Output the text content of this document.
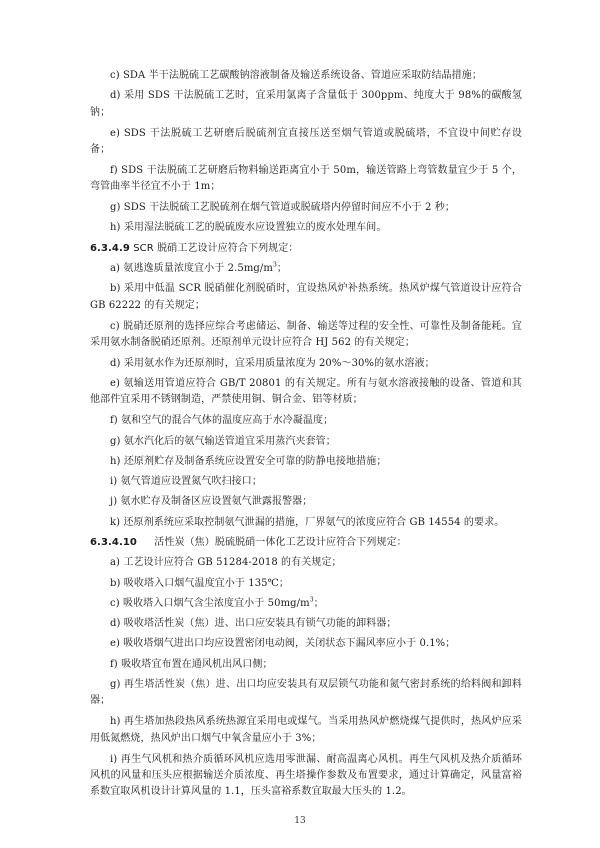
c) SDA 半干法脱硫工艺碳酸钠溶液制备及输送系统设备、管道应采取防结晶措施；

d) 采用 SDS 干法脱硫工艺时，宜采用氯离子含量低于 300ppm、纯度大于 98%的碳酸氢钠；

e) SDS 干法脱硫工艺研磨后脱硫剂宜直接压送至烟气管道或脱硫塔，不宜设中间贮存设备；

f) SDS 干法脱硫工艺研磨后物料输送距离宜小于 50m，输送管路上弯管数量宜少于 5 个，弯管曲率半径宜不小于 1m；

g) SDS 干法脱硫工艺脱硫剂在烟气管道或脱硫塔内停留时间应不小于 2 秒；

h) 采用湿法脱硫工艺的脱硫废水应设置独立的废水处理车间。

6.3.4.9 SCR 脱硝工艺设计应符合下列规定：

a) 氨逃逸质量浓度宜小于 $2.5mg/m^3$；

b) 采用中低温 SCR 脱硝催化剂脱硝时，宜设热风炉补热系统。热风炉煤气管道设计应符合 GB 62222 的有关规定；

c) 脱硝还原剂的选择应综合考虑储运、制备、输送等过程的安全性、可靠性及制备能耗。宜采用氨水制备脱硝还原剂。还原剂单元设计应符合 HJ 562 的有关规定；

d) 采用氨水作为还原剂时，宜采用质量浓度为 20%～30%的氨水溶液；

e) 氨输送用管道应符合 GB/T 20801 的有关规定。所有与氨水溶液接触的设备、管道和其他部件宜采用不锈钢制造，严禁使用铜、铜合金、铝等材质；

f) 氨和空气的混合气体的温度应高于水冷凝温度；

g) 氨水汽化后的氨气输送管道宜采用蒸汽夹套管；

h) 还原剂贮存及制备系统应设置安全可靠的防静电接地措施；

i) 氨气管道应设置氮气吹扫接口；

j) 氨水贮存及制备区应设置氨气泄露报警器；

k) 还原剂系统应采取控制氨气泄漏的措施，厂界氨气的浓度应符合 GB 14554 的要求。

6.3.4.10 活性炭（焦）脱硫脱硝一体化工艺设计应符合下列规定：

a) 工艺设计应符合 GB 51284-2018 的有关规定；

b) 吸收塔入口烟气温度宜小于 135℃；

c) 吸收塔入口烟气含尘浓度宜小于 $50mg/m^3$；

d) 吸收塔活性炭（焦）进、出口应安装具有锁气功能的卸料器；

e) 吸收塔烟气进出口均应设置密闭电动阀，关闭状态下漏风率应小于 0.1%；

f) 吸收塔宜布置在通风机出风口侧；

g) 再生塔活性炭（焦）进、出口均应安装具有双层锁气功能和氮气密封系统的给料阀和卸料器；

h) 再生塔加热段热风系统热源宜采用电或煤气。当采用热风炉燃烧煤气提供时，热风炉应采用低氮燃烧，热风炉出口烟气中氧含量应小于 3%；

i) 再生气风机和热介质循环风机应选用零泄漏、耐高温离心风机。再生气风机及热介质循环风机的风量和压头应根据输送介质浓度、再生塔操作参数及布置要求，通过计算确定，风量富裕系数宜取风机设计计算风量的 1.1，压头富裕系数宜取最大压头的 1.2。

13
